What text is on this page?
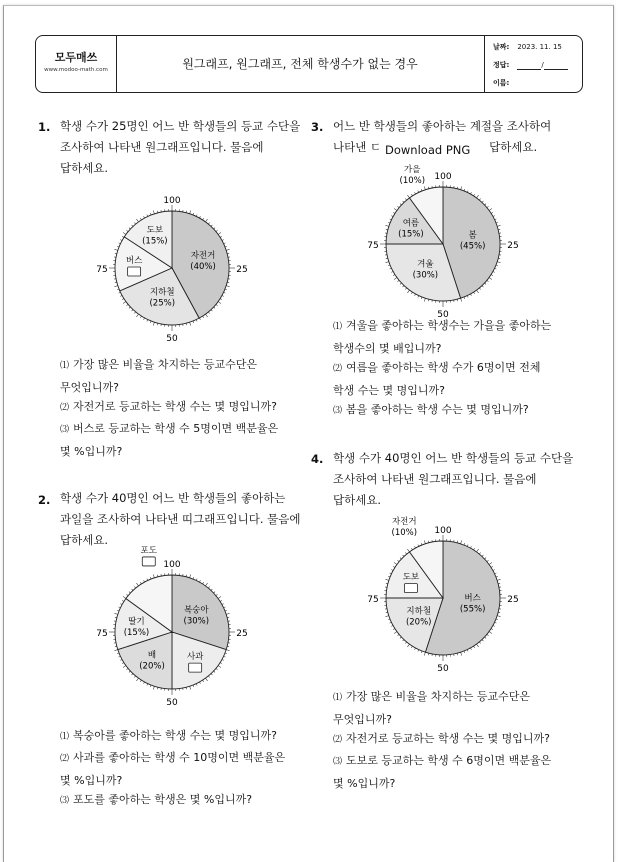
모두매쓰
www.modoo-math.com	원그래프, 원그래프, 전체 학생수가 없는 경우
날짜: 2023. 11. 15
정답:	/
이름:
1. 학생 수가 25명인 어느 반 학생들의 등교 수단을
조사하여 나타낸 원그래프입니다. 물음에
답하세요.
100
25
50
75
자전거
(40%)
지하철
(25%)
버스
도보
(15%)
⑴ 가장 많은 비율을 차지하는 등교수단은
무엇입니까?
⑵ 자전거로 등교하는 학생 수는 몇 명입니까?
⑶ 버스로 등교하는 학생 수 5명이면 백분율은
몇 %입니까?
2. 학생 수가 40명인 어느 반 학생들의 좋아하는
과일을 조사하여 나타낸 띠그래프입니다. 물음에
답하세요.
100
25
50
75
복숭아
(30%)
사과
배
(20%)
딸기
(15%)
포도
⑴ 복숭아를 좋아하는 학생 수는 몇 명입니까?
⑵ 사과를 좋아하는 학생 수 10명이면 백분율은
몇 %입니까?
⑶ 포도를 좋아하는 학생은 몇 %입니까?
3. 어느 반 학생들의 좋아하는 계절을 조사하여
나타낸 ㄷ	답하세요.
Download PNG
100
25
50
75
봄
(45%)
겨울
(30%)
여름
(15%)
가을
(10%)
⑴ 겨울을 좋아하는 학생수는 가을을 좋아하는
학생수의 몇 배입니까?
⑵ 여름을 좋아하는 학생 수가 6명이면 전체
학생 수는 몇 명입니까?
⑶ 봄을 좋아하는 학생 수는 몇 명입니까?
4. 학생 수가 40명인 어느 반 학생들의 등교 수단을
조사하여 나타낸 원그래프입니다. 물음에
답하세요.
100
25
50
75	버스
(55%)
지하철
(20%)
도보
자전거
(10%)
⑴ 가장 많은 비율을 차지하는 등교수단은
무엇입니까?
⑵ 자전거로 등교하는 학생 수는 몇 명입니까?
⑶ 도보로 등교하는 학생 수 6명이면 백분율은
몇 %입니까?
